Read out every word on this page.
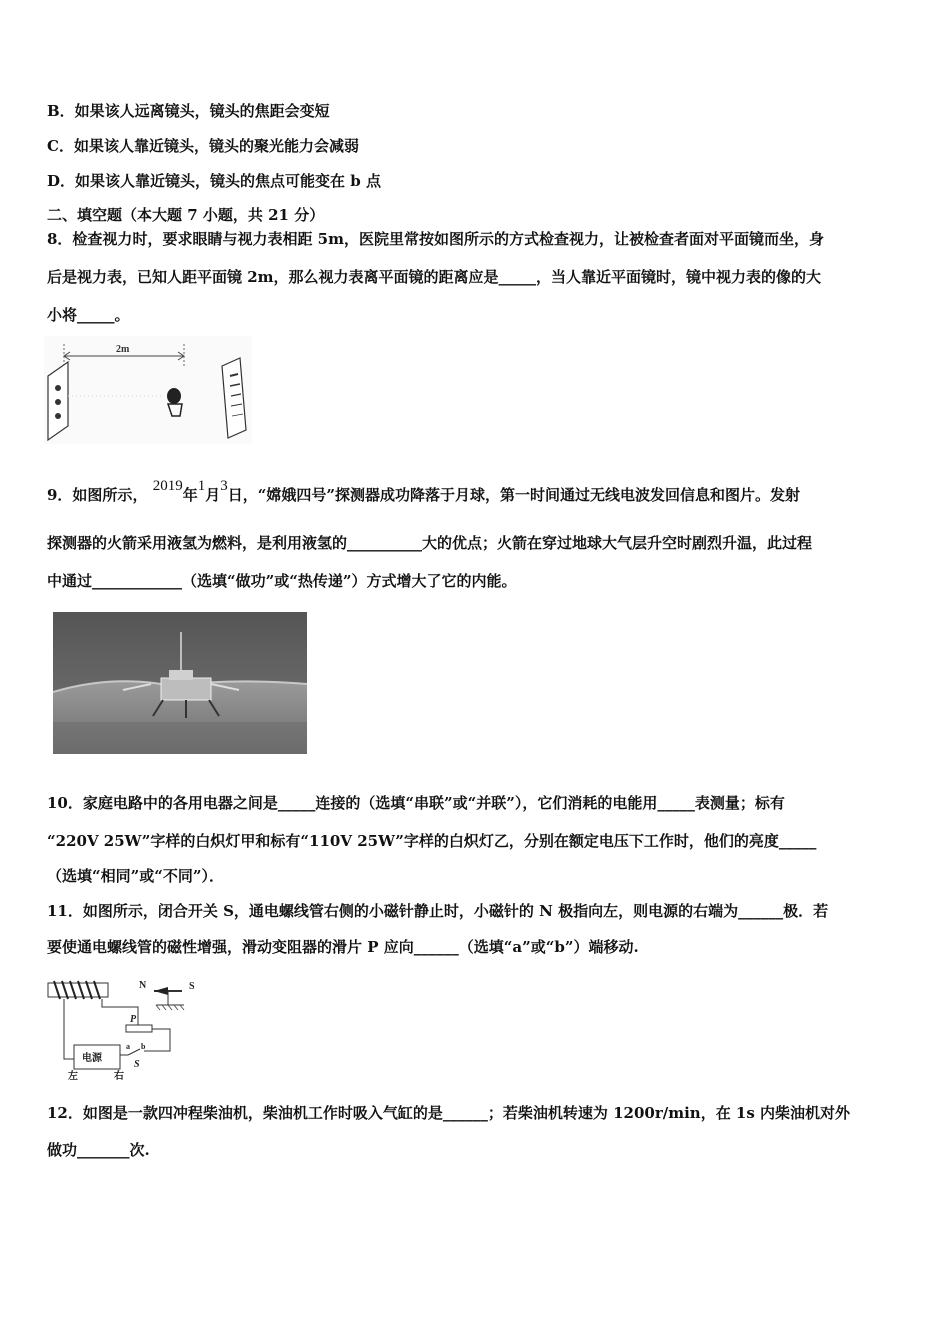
B．如果该人远离镜头，镜头的焦距会变短
C．如果该人靠近镜头，镜头的聚光能力会减弱
D．如果该人靠近镜头，镜头的焦点可能变在 b 点
二、填空题（本大题 7 小题，共 21 分）
8．检查视力时，要求眼睛与视力表相距 5m，医院里常按如图所示的方式检查视力，让被检查者面对平面镜而坐，身
后是视力表，已知人距平面镜 2m，那么视力表离平面镜的距离应是_____，当人靠近平面镜时，镜中视力表的像的大
小将_____。
2m
9．如图所示， 2019年1月3日，“嫦娥四号”探测器成功降落于月球，第一时间通过无线电波发回信息和图片。发射
探测器的火箭采用液氢为燃料，是利用液氢的__________大的优点；火箭在穿过地球大气层升空时剧烈升温，此过程
中通过____________（选填“做功”或“热传递”）方式增大了它的内能。
10．家庭电路中的各用电器之间是_____连接的（选填“串联”或“并联”），它们消耗的电能用_____表测量；标有
“220V 25W”字样的白炽灯甲和标有“110V 25W”字样的白炽灯乙，分别在额定电压下工作时，他们的亮度_____
（选填“相同”或“不同”）．
11．如图所示，闭合开关 S，通电螺线管右侧的小磁针静止时，小磁针的 N 极指向左，则电源的右端为______极．若
要使通电螺线管的磁性增强，滑动变阻器的滑片 P 应向______（选填“a”或“b”）端移动.
N	S
P
电源
a b
S
左	右
12．如图是一款四冲程柴油机，柴油机工作时吸入气缸的是______；若柴油机转速为 1200r/min，在 1s 内柴油机对外
做功_______次.
